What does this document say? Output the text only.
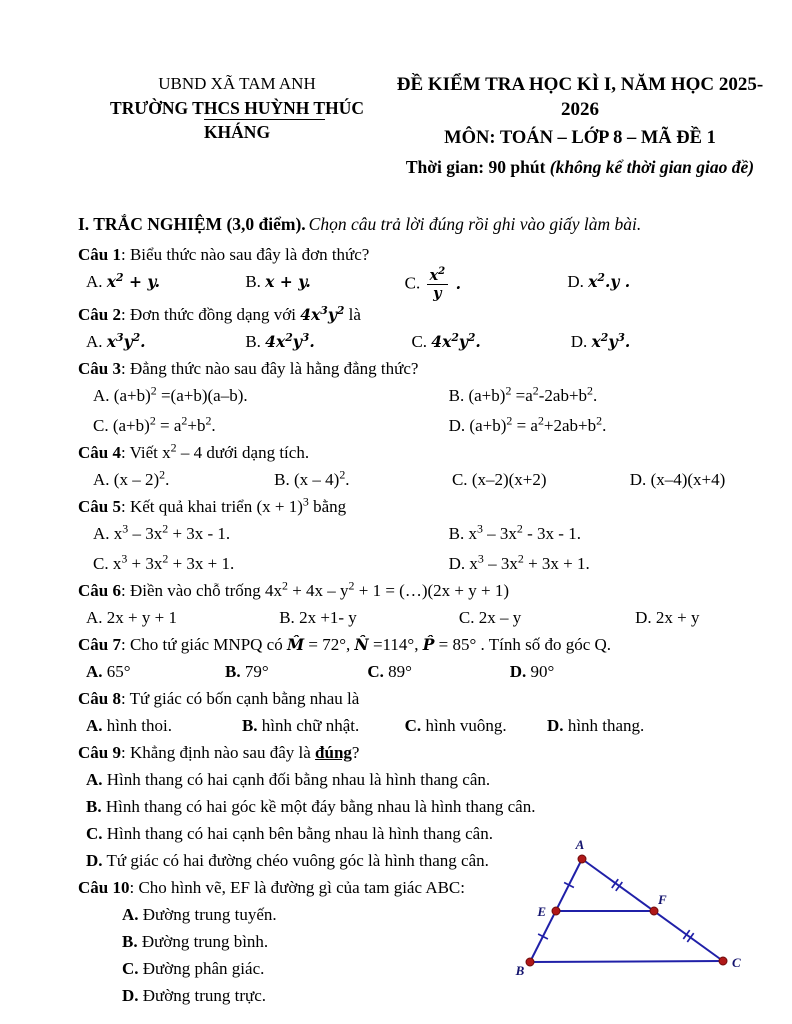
UBND XÃ TAM ANH
TRƯỜNG THCS HUỲNH THÚC KHÁNG
ĐỀ KIỂM TRA HỌC KÌ I, NĂM HỌC 2025-2026
MÔN: TOÁN – LỚP 8 – MÃ ĐỀ 1
Thời gian: 90 phút (không kể thời gian giao đề)
I. TRẮC NGHIỆM (3,0 điểm). Chọn câu trả lời đúng rồi ghi vào giấy làm bài.
Câu 1: Biểu thức nào sau đây là đơn thức?
A. $x^2 + y$.	B. x + y.	C. $\frac{x^2}{y}$ .	D. $x^2.y$ .
Câu 2: Đơn thức đồng dạng với $4x^3y^2$ là
A. $x^3y^2$.	B. $4x^2y^3$.	C. $4x^2y^2$.	D. $x^2y^3$.
Câu 3: Đẳng thức nào sau đây là hằng đẳng thức?
A. $(a+b)^2 =(a+b)(a-b)$.	B. $(a+b)^2 =a^2-2ab+b^2$.
C. $(a+b)^2 = a^2+b^2$.	D. $(a+b)^2 = a^2+2ab+b^2$.
Câu 4: Viết $x^2 - 4$ dưới dạng tích.
A. (x – 2)$^2$.	B. (x – 4)$^2$.	C. (x–2)(x+2)	D. (x–4)(x+4)
Câu 5: Kết quả khai triển $(x + 1)^3$ bằng
A. $x^3 - 3x^2 + 3x - 1$.	B. $x^3 - 3x^2 - 3x - 1$.
C. $x^3 + 3x^2 + 3x + 1$.	D. $x^3 - 3x^2 + 3x + 1$.
Câu 6: Điền vào chỗ trống $4x^2 + 4x - y^2 + 1$ = (…)(2x + y + 1)
A. 2x + y + 1	B. 2x +1- y	C. 2x – y	D. 2x + y
Câu 7: Cho tứ giác MNPQ có M̂ = 72°, N̂ =114°, P̂ = 85° . Tính số đo góc Q.
A. 65°	B. 79°	C. 89°	D. 90°
Câu 8: Tứ giác có bốn cạnh bằng nhau là
A. hình thoi.	B. hình chữ nhật.	C. hình vuông.	D. hình thang.
Câu 9: Khẳng định nào sau đây là đúng?
A. Hình thang có hai cạnh đối bằng nhau là hình thang cân.
B. Hình thang có hai góc kề một đáy bằng nhau là hình thang cân.
C. Hình thang có hai cạnh bên bằng nhau là hình thang cân.
D. Tứ giác có hai đường chéo vuông góc là hình thang cân.
Câu 10: Cho hình vẽ, EF là đường gì của tam giác ABC:
A. Đường trung tuyến.
B. Đường trung bình.
C. Đường phân giác.
D. Đường trung trực.
A
E
F
B
C
